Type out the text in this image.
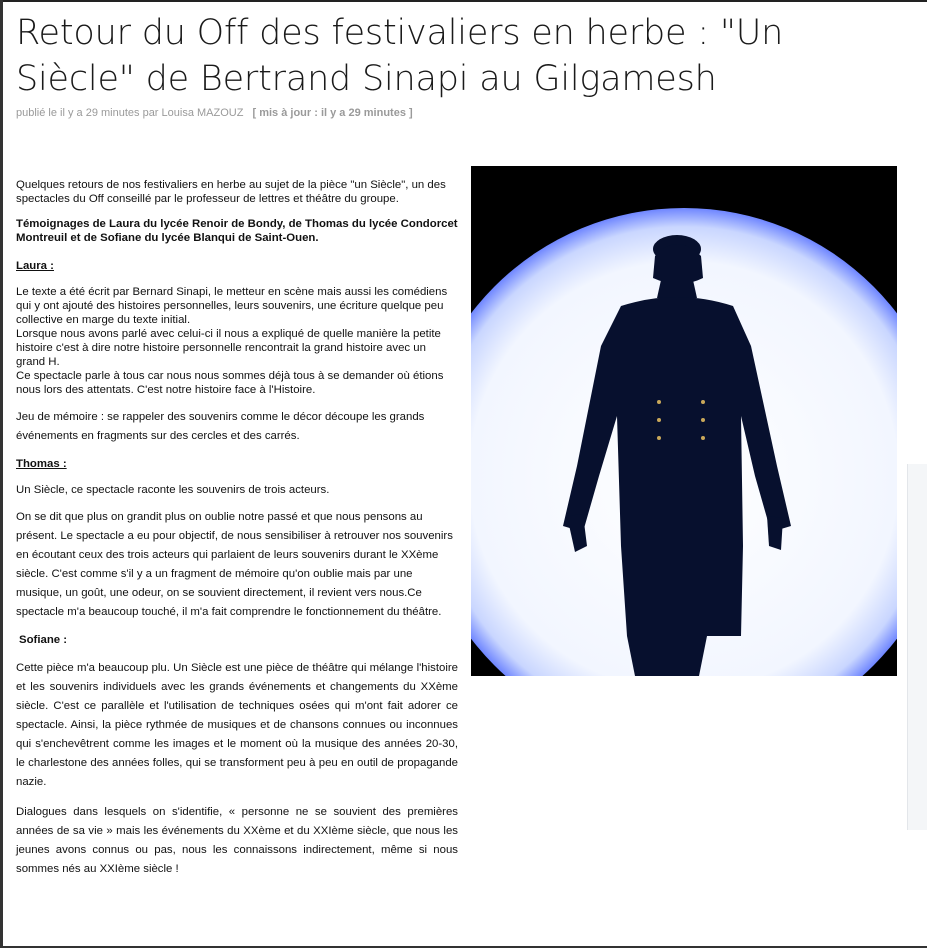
Retour du Off des festivaliers en herbe : "Un Siècle" de Bertrand Sinapi au Gilgamesh
publié le il y a 29 minutes par Louisa MAZOUZ [ mis à jour : il y a 29 minutes ]

Quelques retours de nos festivaliers en herbe au sujet de la pièce "un Siècle", un des spectacles du Off conseillé par le professeur de lettres et théâtre du groupe.

Témoignages de Laura du lycée Renoir de Bondy, de Thomas du lycée Condorcet Montreuil et de Sofiane du lycée Blanqui de Saint-Ouen.

Laura :

Le texte a été écrit par Bernard Sinapi, le metteur en scène mais aussi les comédiens qui y ont ajouté des histoires personnelles, leurs souvenirs, une écriture quelque peu collective en marge du texte initial.

Lorsque nous avons parlé avec celui-ci il nous a expliqué de quelle manière la petite histoire c'est à dire notre histoire personnelle rencontrait la grand histoire avec un grand H.

Ce spectacle parle à tous car nous nous sommes déjà tous à se demander où étions nous lors des attentats. C'est notre histoire face à l'Histoire.

Jeu de mémoire : se rappeler des souvenirs comme le décor découpe les grands événements en fragments sur des cercles et des carrés.

Thomas :

Un Siècle, ce spectacle raconte les souvenirs de trois acteurs.

On se dit que plus on grandit plus on oublie notre passé et que nous pensons au présent. Le spectacle a eu pour objectif, de nous sensibiliser à retrouver nos souvenirs en écoutant ceux des trois acteurs qui parlaient de leurs souvenirs durant le XXème siècle. C'est comme s'il y a un fragment de mémoire qu'on oublie mais par une musique, un goût, une odeur, on se souvient directement, il revient vers nous.Ce spectacle m'a beaucoup touché, il m'a fait comprendre le fonctionnement du théâtre.

Sofiane :

Cette pièce m'a beaucoup plu. Un Siècle est une pièce de théâtre qui mélange l'histoire et les souvenirs individuels avec les grands événements et changements du XXème siècle. C'est ce parallèle et l'utilisation de techniques osées qui m'ont fait adorer ce spectacle. Ainsi, la pièce rythmée de musiques et de chansons connues ou inconnues qui s'enchevêtrent comme les images et le moment où la musique des années 20-30, le charlestone des années folles, qui se transforment peu à peu en outil de propagande nazie.

Dialogues dans lesquels on s'identifie, « personne ne se souvient des premières années de sa vie » mais les événements du XXème et du XXIème siècle, que nous les jeunes avons connus ou pas, nous les connaissons indirectement, même si nous sommes nés au XXIème siècle !
